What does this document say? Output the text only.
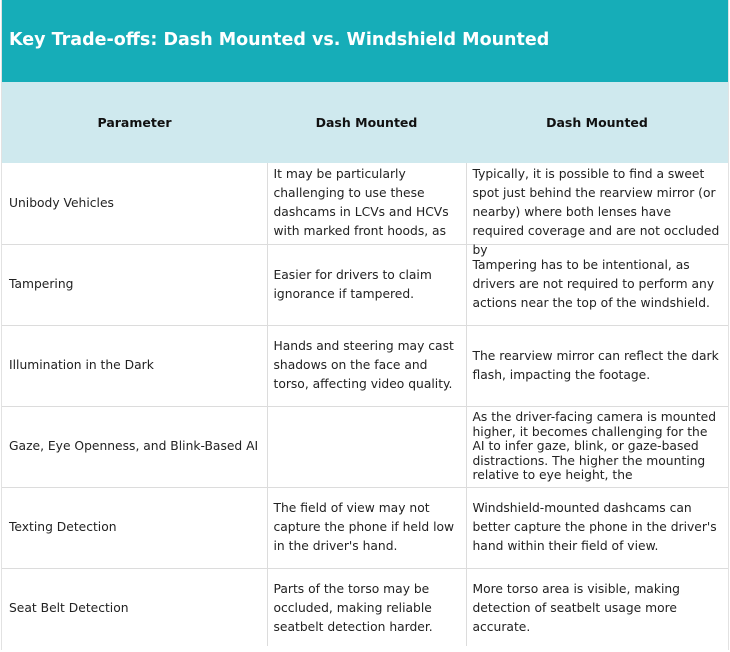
Key Trade-offs: Dash Mounted vs. Windshield Mounted
Parameter	Dash Mounted	Dash Mounted

Unibody Vehicles	It may be particularly challenging to use these dashcams in LCVs and HCVs with marked front hoods, as	Typically, it is possible to find a sweet spot just behind the rearview mirror (or nearby) where both lenses have required coverage and are not occluded by

Tampering	Easier for drivers to claim ignorance if tampered.	Tampering has to be intentional, as drivers are not required to perform any actions near the top of the windshield.

Illumination in the Dark	Hands and steering may cast shadows on the face and torso, affecting video quality.	The rearview mirror can reflect the dark flash, impacting the footage.

Gaze, Eye Openness, and Blink-Based AI		As the driver-facing camera is mounted higher, it becomes challenging for the AI to infer gaze, blink, or gaze-based distractions. The higher the mounting relative to eye height, the

Texting Detection	The field of view may not capture the phone if held low in the driver's hand.	Windshield-mounted dashcams can better capture the phone in the driver's hand within their field of view.

Seat Belt Detection	Parts of the torso may be occluded, making reliable seatbelt detection harder.	More torso area is visible, making detection of seatbelt usage more accurate.
